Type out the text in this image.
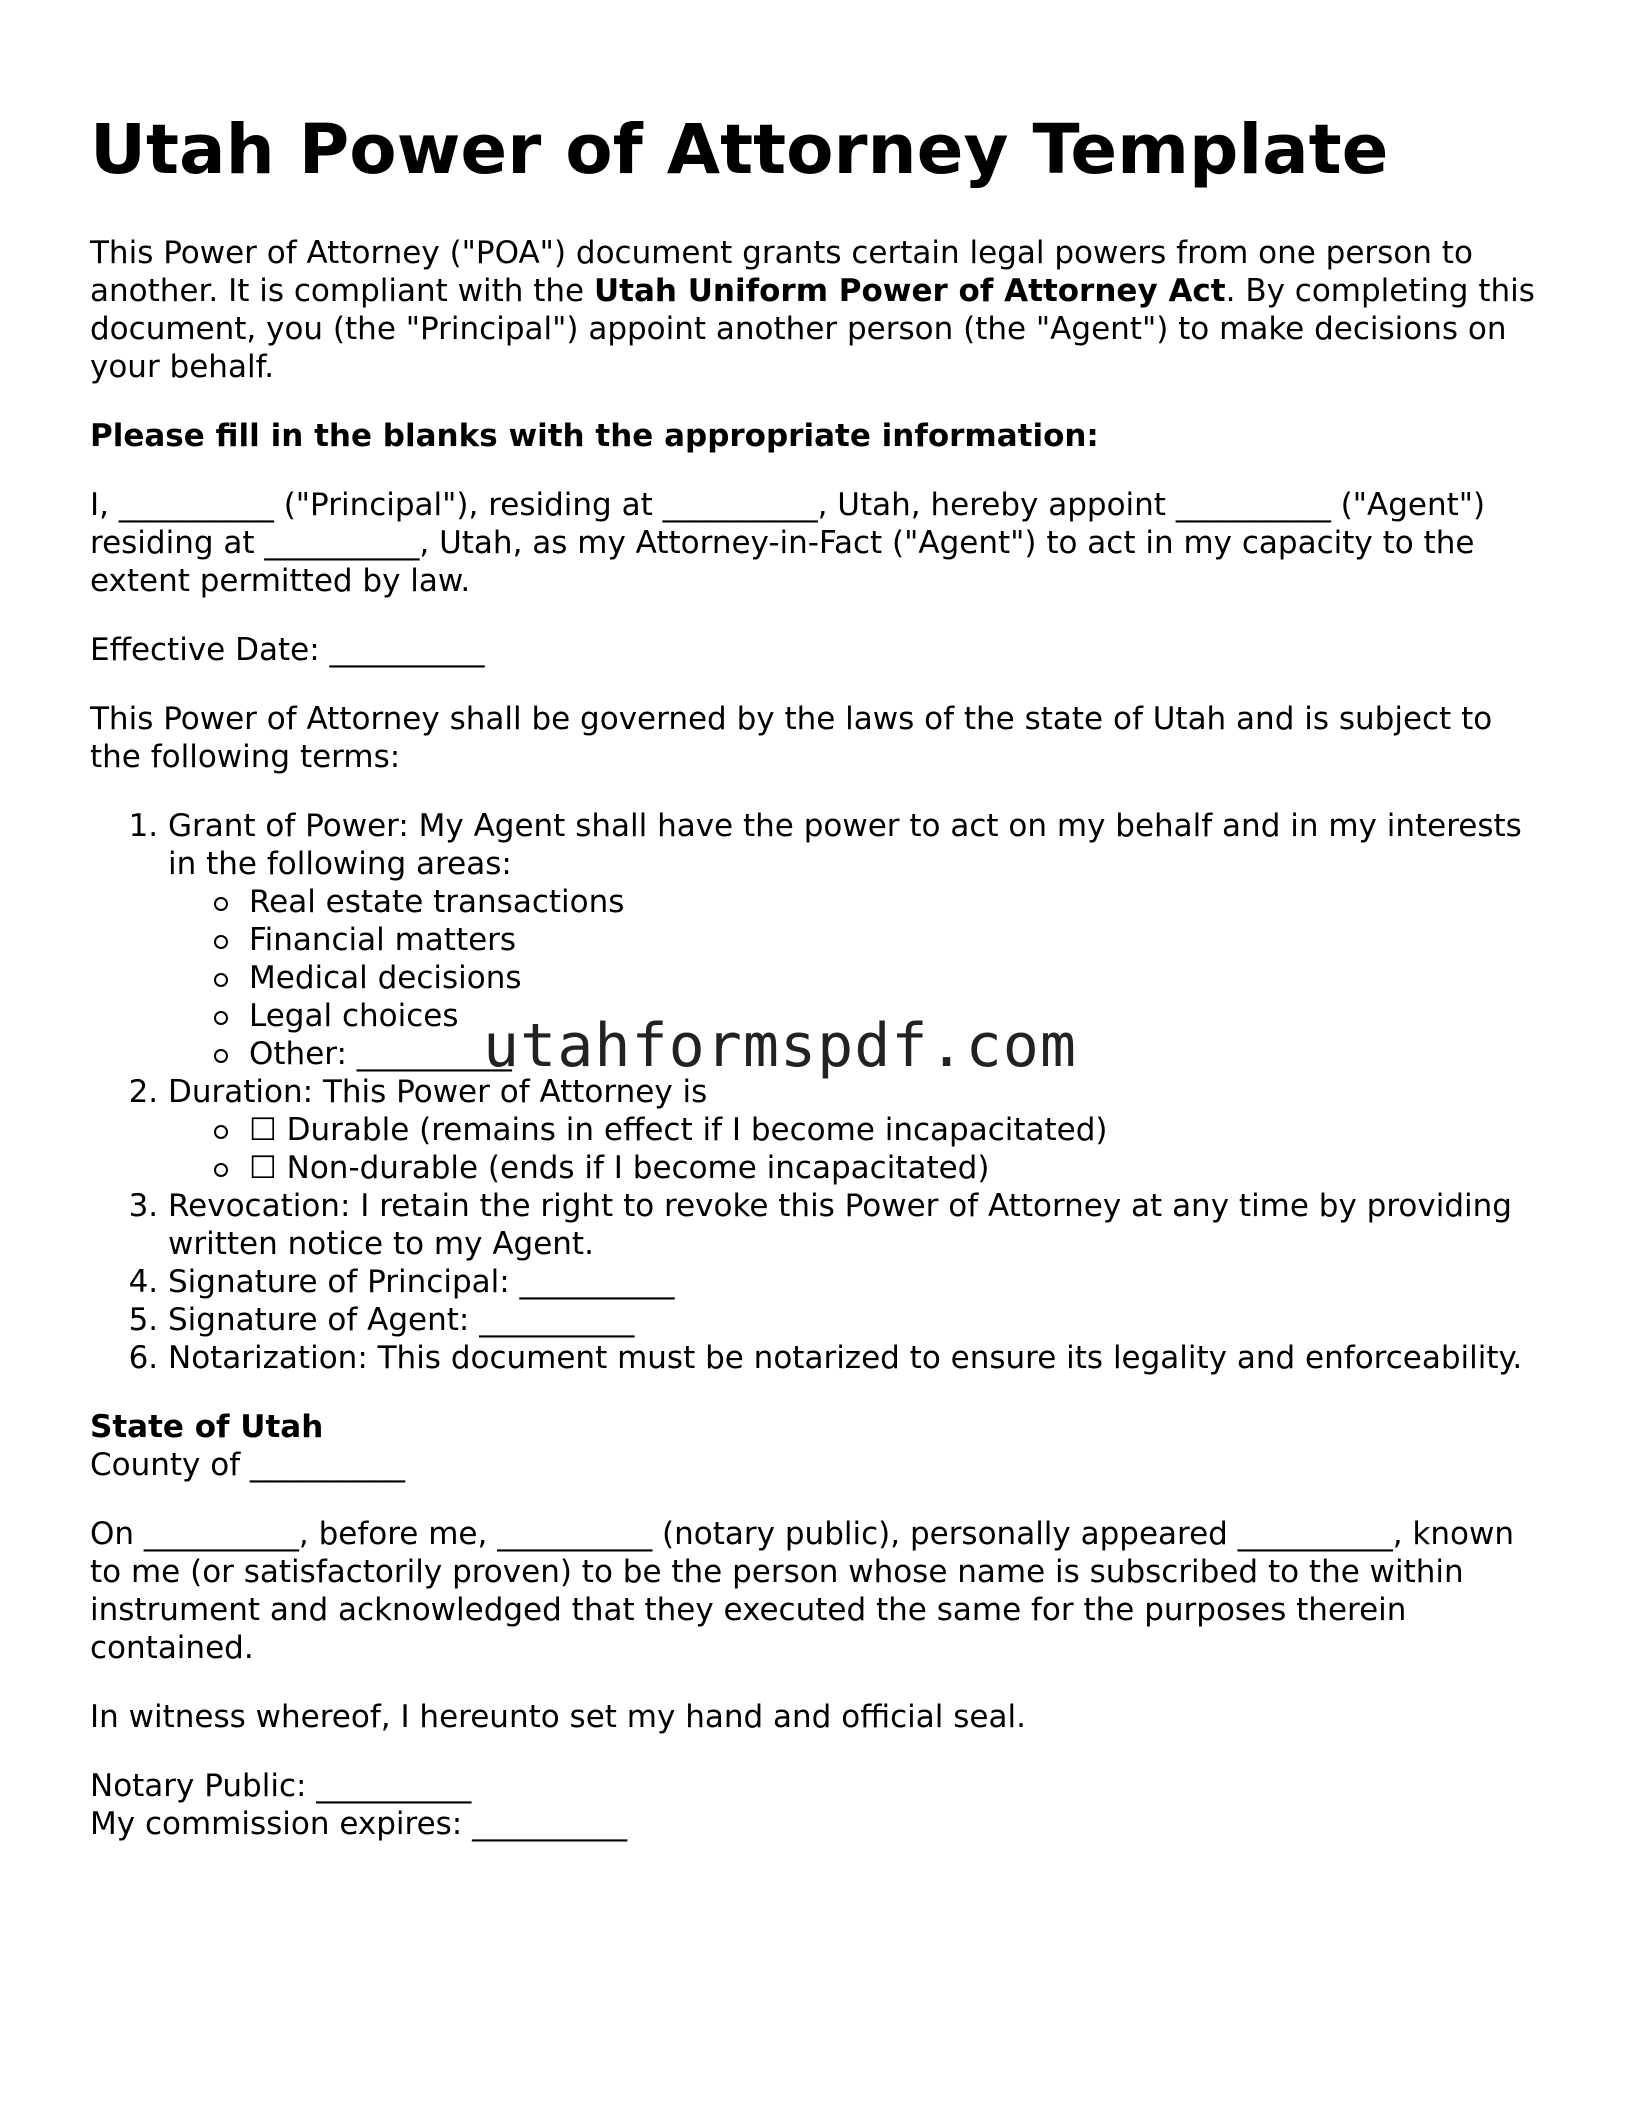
Utah Power of Attorney Template

This Power of Attorney ("POA") document grants certain legal powers from one person to another. It is compliant with the Utah Uniform Power of Attorney Act. By completing this document, you (the "Principal") appoint another person (the "Agent") to make decisions on your behalf.

Please fill in the blanks with the appropriate information:

I, __________ ("Principal"), residing at __________, Utah, hereby appoint __________ ("Agent") residing at __________, Utah, as my Attorney-in-Fact ("Agent") to act in my capacity to the extent permitted by law.

Effective Date: __________

This Power of Attorney shall be governed by the laws of the state of Utah and is subject to the following terms:

1. Grant of Power: My Agent shall have the power to act on my behalf and in my interests in the following areas:
Real estate transactions
Financial matters
Medical decisions
Legal choices
Other: __________
2. Duration: This Power of Attorney is
☐ Durable (remains in effect if I become incapacitated)
☐ Non-durable (ends if I become incapacitated)
3. Revocation: I retain the right to revoke this Power of Attorney at any time by providing written notice to my Agent.
4. Signature of Principal: __________
5. Signature of Agent: __________
6. Notarization: This document must be notarized to ensure its legality and enforceability.

State of Utah

County of __________

On __________, before me, __________ (notary public), personally appeared __________, known to me (or satisfactorily proven) to be the person whose name is subscribed to the within instrument and acknowledged that they executed the same for the purposes therein contained.

In witness whereof, I hereunto set my hand and official seal.

Notary Public: __________

My commission expires: __________

utahformspdf.com
